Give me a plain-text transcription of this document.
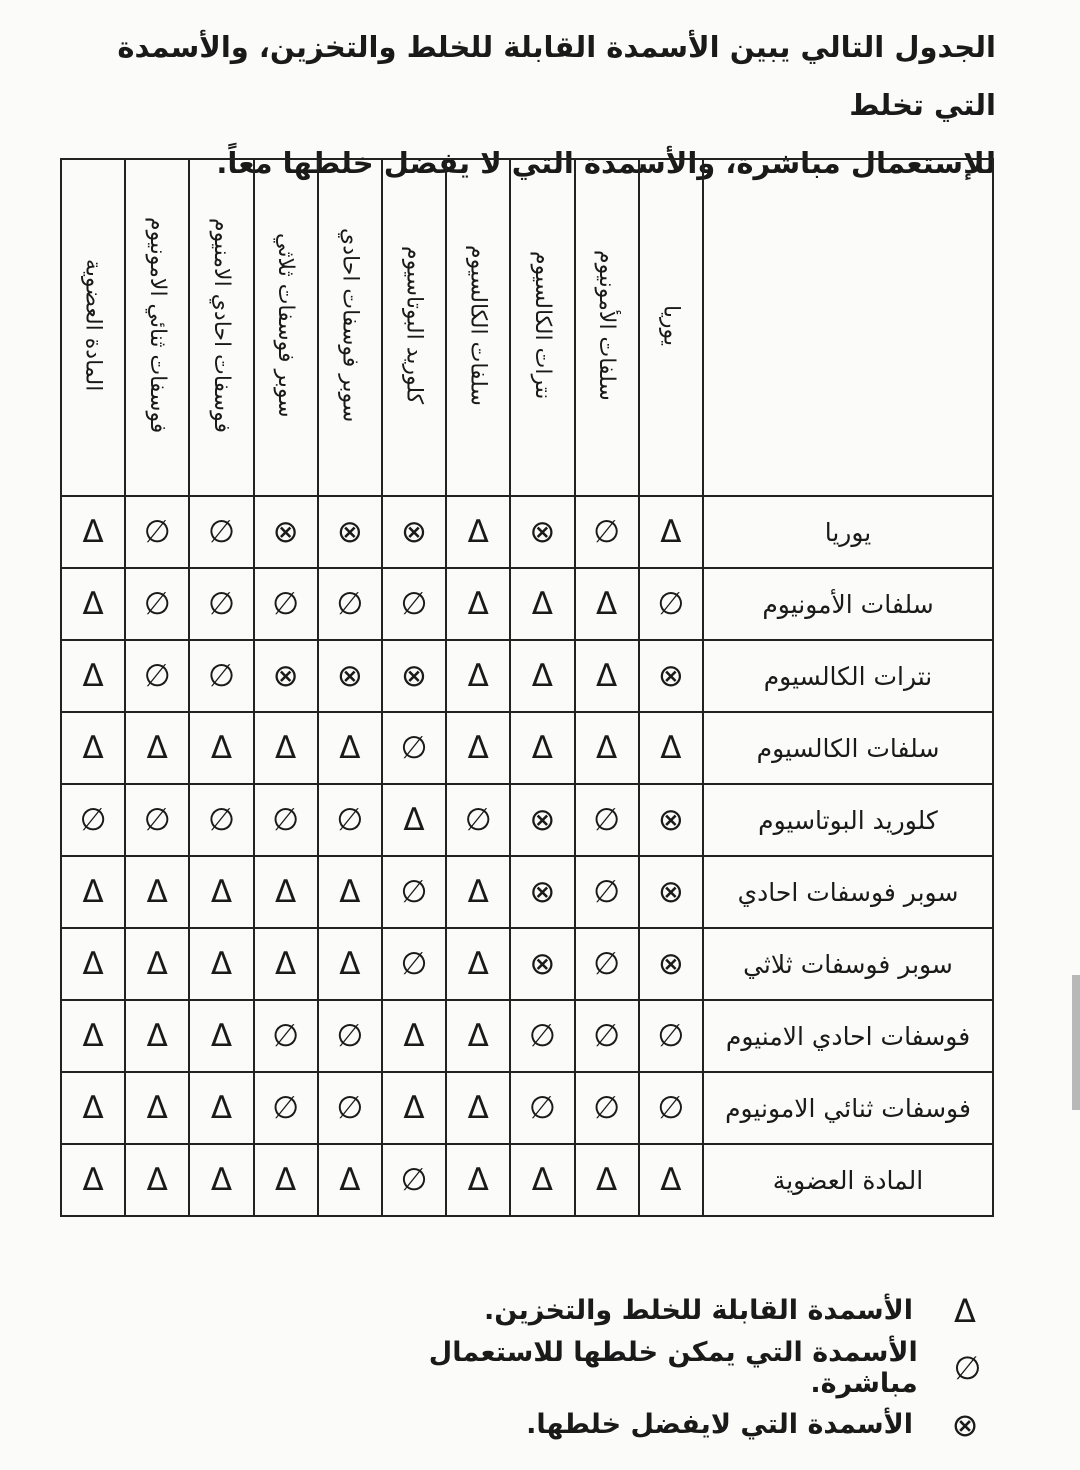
الجدول التالي يبين الأسمدة القابلة للخلط والتخزين، والأسمدة التي تخلط
للإستعمال مباشرة، والأسمدة التي لا يفضل خلطها معاً.
المادة العضوية	فوسفات ثنائي الامونيوم	فوسفات احادي الامنيوم	سوبر فوسفات ثلاثي	سوبر فوسفات احادي	كلوريد البوتاسيوم	سلفات الكالسيوم	نترات الكالسيوم	سلفات الأمونيوم	يوريا	
Δ	∅	∅	⊗	⊗	⊗	Δ	⊗	∅	Δ	يوريا
Δ	∅	∅	∅	∅	∅	Δ	Δ	Δ	∅	سلفات الأمونيوم
Δ	∅	∅	⊗	⊗	⊗	Δ	Δ	Δ	⊗	نترات الكالسيوم
Δ	Δ	Δ	Δ	Δ	∅	Δ	Δ	Δ	Δ	سلفات الكالسيوم
∅	∅	∅	∅	∅	Δ	∅	⊗	∅	⊗	كلوريد البوتاسيوم
Δ	Δ	Δ	Δ	Δ	∅	Δ	⊗	∅	⊗	سوبر فوسفات احادي
Δ	Δ	Δ	Δ	Δ	∅	Δ	⊗	∅	⊗	سوبر فوسفات ثلاثي
Δ	Δ	Δ	∅	∅	Δ	Δ	∅	∅	∅	فوسفات احادي الامنيوم
Δ	Δ	Δ	∅	∅	Δ	Δ	∅	∅	∅	فوسفات ثنائي الامونيوم
Δ	Δ	Δ	Δ	Δ	∅	Δ	Δ	Δ	Δ	المادة العضوية
Δ
الأسمدة القابلة للخلط والتخزين.
∅
الأسمدة التي يمكن خلطها للاستعمال مباشرة.
⊗
الأسمدة التي لايفضل خلطها.
